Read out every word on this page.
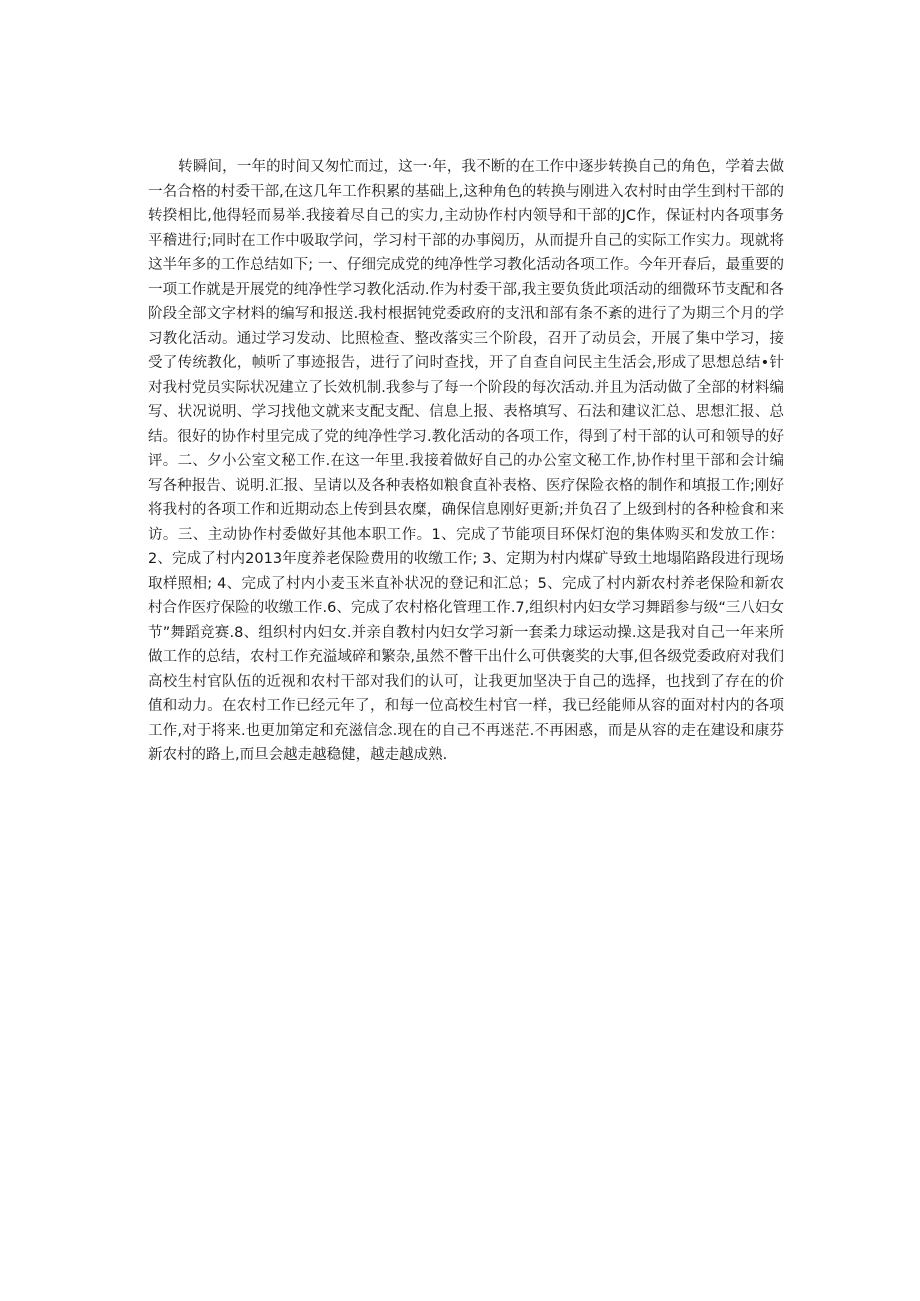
转瞬间，一年的时间又匆忙而过，这一·年，我不断的在工作中逐步转换自己的角色，学着去做一名合格的村委干部,在这几年工作积累的基础上,这种角色的转换与刚进入农村时由学生到村干部的转揆相比,他得轻而易举.我接着尽自己的实力,主动协作村内领导和干部的JC作，保证村内各项事务平稽进行;同时在工作中吸取学问，学习村干部的办事阅历，从而提升自己的实际工作实力。现就将这半年多的工作总结如下; 一、仔细完成党的纯净性学习教化活动各项工作。今年开春后，最重要的一项工作就是开展党的纯净性学习教化活动.作为村委干部,我主要负货此项活动的细微环节支配和各阶段全部文字材料的编写和报送.我村根据钝党委政府的支汛和部有条不紊的进行了为期三个月的学习教化活动。通过学习发动、比照检查、整改落实三个阶段，召开了动员会，开展了集中学习，接受了传统教化，帧听了事迹报告，进行了问时查找，开了自查自问民主生活会,形成了思想总结•针对我村党员实际状况建立了长效机制.我参与了每一个阶段的每次活动.并且为活动做了全部的材料编写、状况说明、学习找他文就来支配支配、信息上报、表格填写、石法和建议汇总、思想汇报、总结。很好的协作村里完成了党的纯净性学习.教化活动的各项工作，得到了村干部的认可和领导的好评。二、夕小公室文秘工作.在这一年里.我接着做好自己的办公室文秘工作,协作村里干部和会计编写各种报告、说明.汇报、呈请以及各种表格如粮食直补表格、医疗保险衣格的制作和填报工作;刚好将我村的各项工作和近期动态上传到县农糜，确保信息刚好更新;并负召了上级到村的各种检食和来访。三、主动协作村委做好其他本职工作。1、完成了节能项目环保灯泡的集体购买和发放工作：2、完成了村内2013年度养老保险费用的收缴工作; 3、定期为村内煤矿导致土地塌陷路段进行现场取样照相; 4、完成了村内小麦玉米直补状况的登记和汇总；5、完成了村内新农村养老保险和新农村合作医疗保险的收缴工作.6、完成了农村格化管理工作.7,组织村内妇女学习舞蹈参与级“三八妇女节”舞蹈竞赛.8、组织村内妇女.并亲自教村内妇女学习新一套柔力球运动操.这是我对自己一年来所做工作的总结，农村工作充溢域碎和繁杂,虽然不瞥干出什么可供褒奖的大事,但各级党委政府对我们高校生村官队伍的近视和农村干部对我们的认可，让我更加坚决于自己的选择，也找到了存在的价值和动力。在农村工作已经元年了，和每一位高校生村官一样，我已经能师从容的面对村内的各项工作,对于将来.也更加第定和充滋信念.现在的自己不再迷茫.不再困惑，而是从容的走在建设和康芬新农村的路上,而旦会越走越稳健，越走越成熟.
